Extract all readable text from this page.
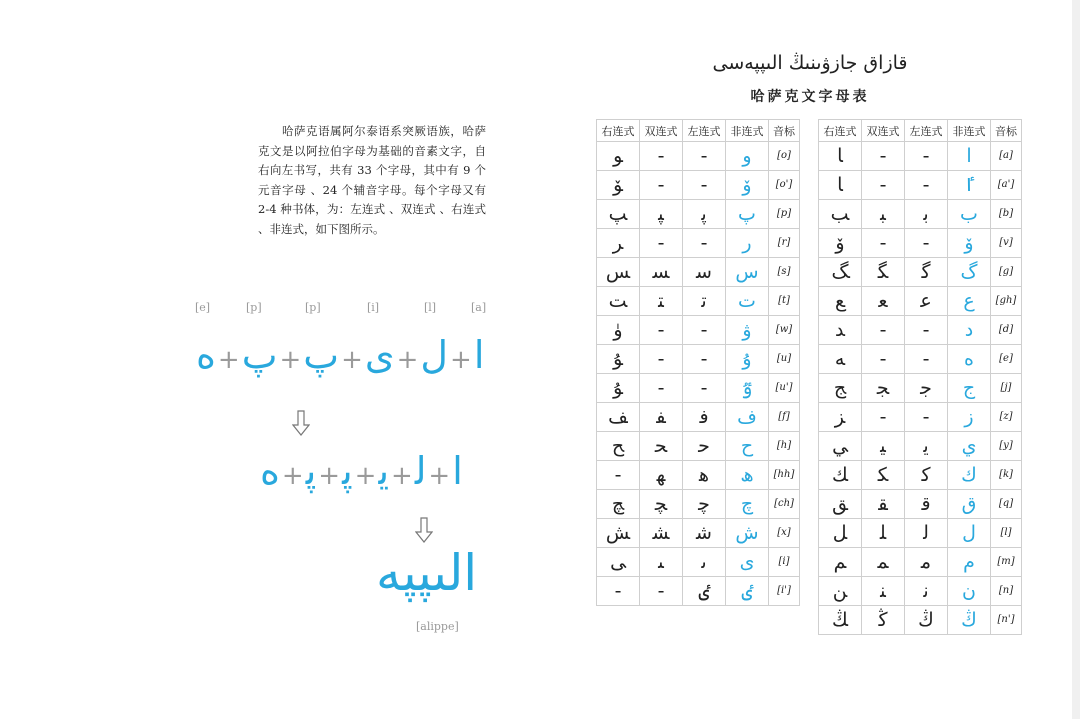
哈萨克语属阿尔泰语系突厥语族，哈萨克文是以阿拉伯字母为基础的音素文字，自右向左书写，共有 33 个字母，其中有 9 个元音字母 、24 个辅音字母。每个字母又有 2-4 种书体，为：左连式 、双连式 、右连式 、非连式，如下图所示。
[e]	[p]	[p]	[i]	[l]	[a]
ا+ل+ى+پ+پ+ە
ا+ﻟ+ﯾ+ﭘ+ﭘ+ە
الىپپە
[alippe]
قازاق جازۋىنىڭ الىپپەسى
哈萨克文字母表
右连式	双连式	左连式	非连式	音标
ﻮ	-	-	و	[o]
ﯚ	-	-	ۆ	[o']
ﭗ	ﭙ	ﭘ	پ	[p]
ﺮ	-	-	ر	[r]
ﺲ	ﺴ	ﺳ	س	[s]
ﺖ	ﺘ	ﺗ	ت	[t]
ﯛ	-	-	ۋ	[w]
ﯘ	-	-	ۇ	[u]
ﯘ	-	-	ٷ	[u']
ﻒ	ﻔ	ﻓ	ف	[f]
ﺢ	ﺤ	ﺣ	ح	[h]
-	ﮭ	ﮬ	ھ	[hh]
ﭻ	ﭽ	ﭼ	چ	[ch]
ﺶ	ﺸ	ﺷ	ش	[x]
ﻰ	ﯩ	ﯨ	ى	[i]
-	-	ٸ	ٸ	[i']
右连式	双连式	左连式	非连式	音标
ﺎ	-	-	ا	[a]
ﺎ	-	-	ٵ	[a']
ﺐ	ﺒ	ﺑ	ب	[b]
ﯙ	-	-	ۆ	[v]
ﮓ	ﮕ	ﮔ	گ	[g]
ﻊ	ﻌ	ﻋ	ع	[gh]
ﺪ	-	-	د	[d]
ﻪ	-	-	ە	[e]
ﺞ	ﺠ	ﺟ	ج	[j]
ﺰ	-	-	ز	[z]
ﻲ	ﻴ	ﻳ	ي	[y]
ﻚ	ﻜ	ﻛ	ك	[k]
ﻖ	ﻘ	ﻗ	ق	[q]
ﻞ	ﻠ	ﻟ	ل	[l]
ﻢ	ﻤ	ﻣ	م	[m]
ﻦ	ﻨ	ﻧ	ن	[n]
ﯔ	ﯕ	ﯓ	ڭ	[n']
